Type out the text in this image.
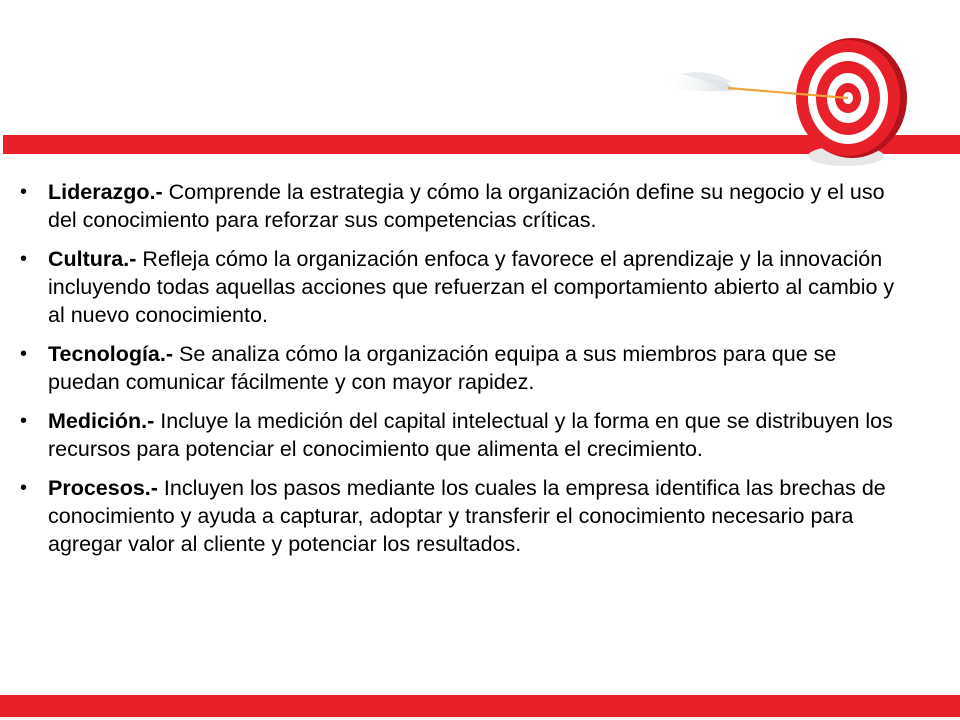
• Liderazgo.- Comprende la estrategia y cómo la organización define su negocio y el uso del conocimiento para reforzar sus competencias críticas.
• Cultura.- Refleja cómo la organización enfoca y favorece el aprendizaje y la innovación incluyendo todas aquellas acciones que refuerzan el comportamiento abierto al cambio y al nuevo conocimiento.
• Tecnología.- Se analiza cómo la organización equipa a sus miembros para que se puedan comunicar fácilmente y con mayor rapidez.
• Medición.- Incluye la medición del capital intelectual y la forma en que se distribuyen los recursos para potenciar el conocimiento que alimenta el crecimiento.
• Procesos.- Incluyen los pasos mediante los cuales la empresa identifica las brechas de conocimiento y ayuda a capturar, adoptar y transferir el conocimiento necesario para agregar valor al cliente y potenciar los resultados.
